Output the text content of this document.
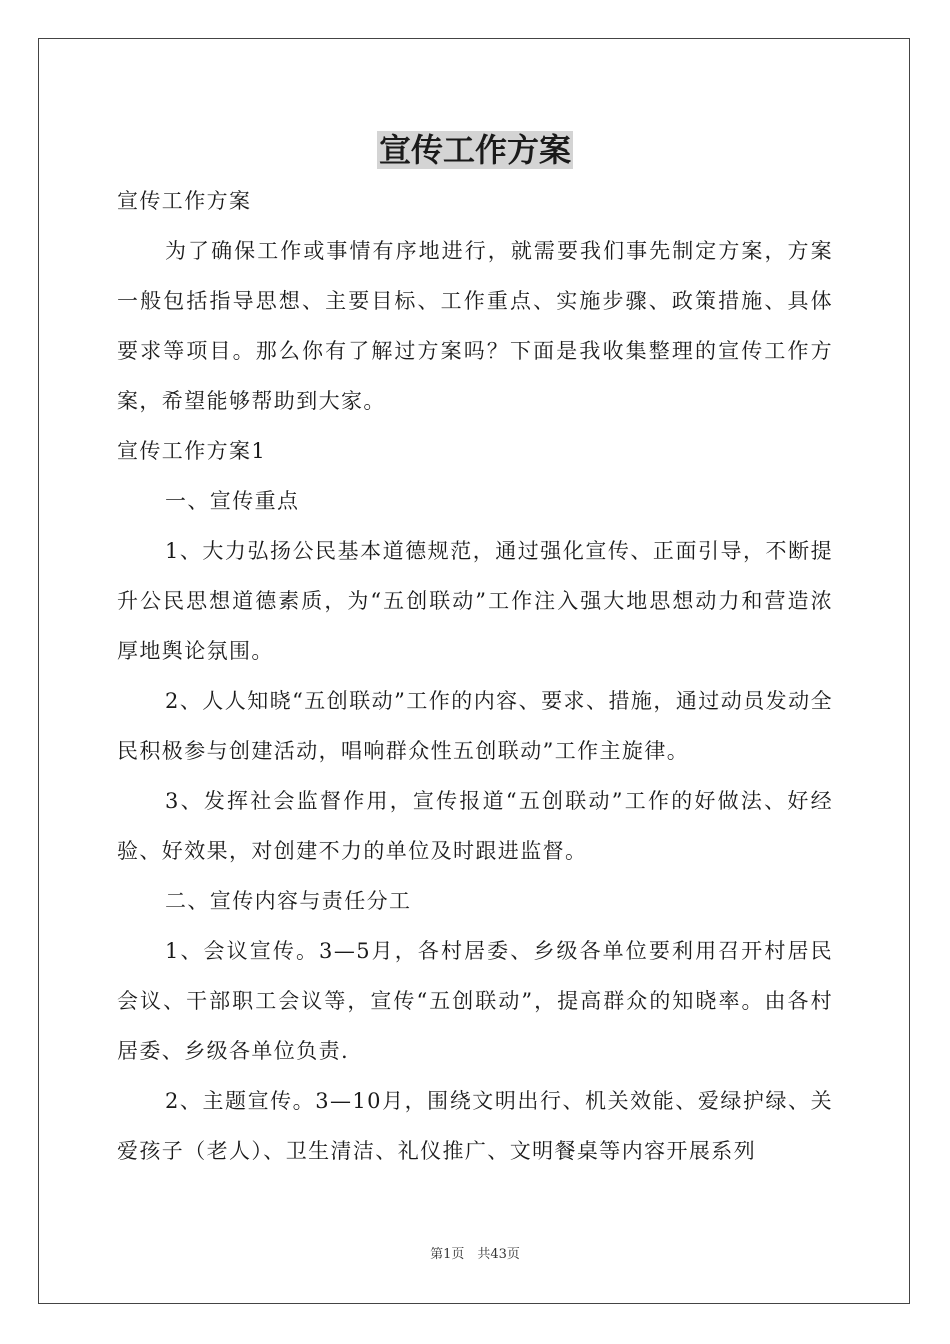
宣传工作方案

宣传工作方案

为了确保工作或事情有序地进行，就需要我们事先制定方案，方案一般包括指导思想、主要目标、工作重点、实施步骤、政策措施、具体要求等项目。那么你有了解过方案吗？下面是我收集整理的宣传工作方案，希望能够帮助到大家。

宣传工作方案1

一、宣传重点

1、大力弘扬公民基本道德规范，通过强化宣传、正面引导，不断提升公民思想道德素质，为“五创联动”工作注入强大地思想动力和营造浓厚地舆论氛围。

2、人人知晓“五创联动”工作的内容、要求、措施，通过动员发动全民积极参与创建活动，唱响群众性五创联动”工作主旋律。

3、发挥社会监督作用，宣传报道“五创联动”工作的好做法、好经验、好效果，对创建不力的单位及时跟进监督。

二、宣传内容与责任分工

1、会议宣传。3—5月，各村居委、乡级各单位要利用召开村居民会议、干部职工会议等，宣传“五创联动”，提高群众的知晓率。由各村居委、乡级各单位负责.

2、主题宣传。3—10月，围绕文明出行、机关效能、爱绿护绿、关爱孩子（老人）、卫生清洁、礼仪推广、文明餐桌等内容开展系列

第1页　共43页
